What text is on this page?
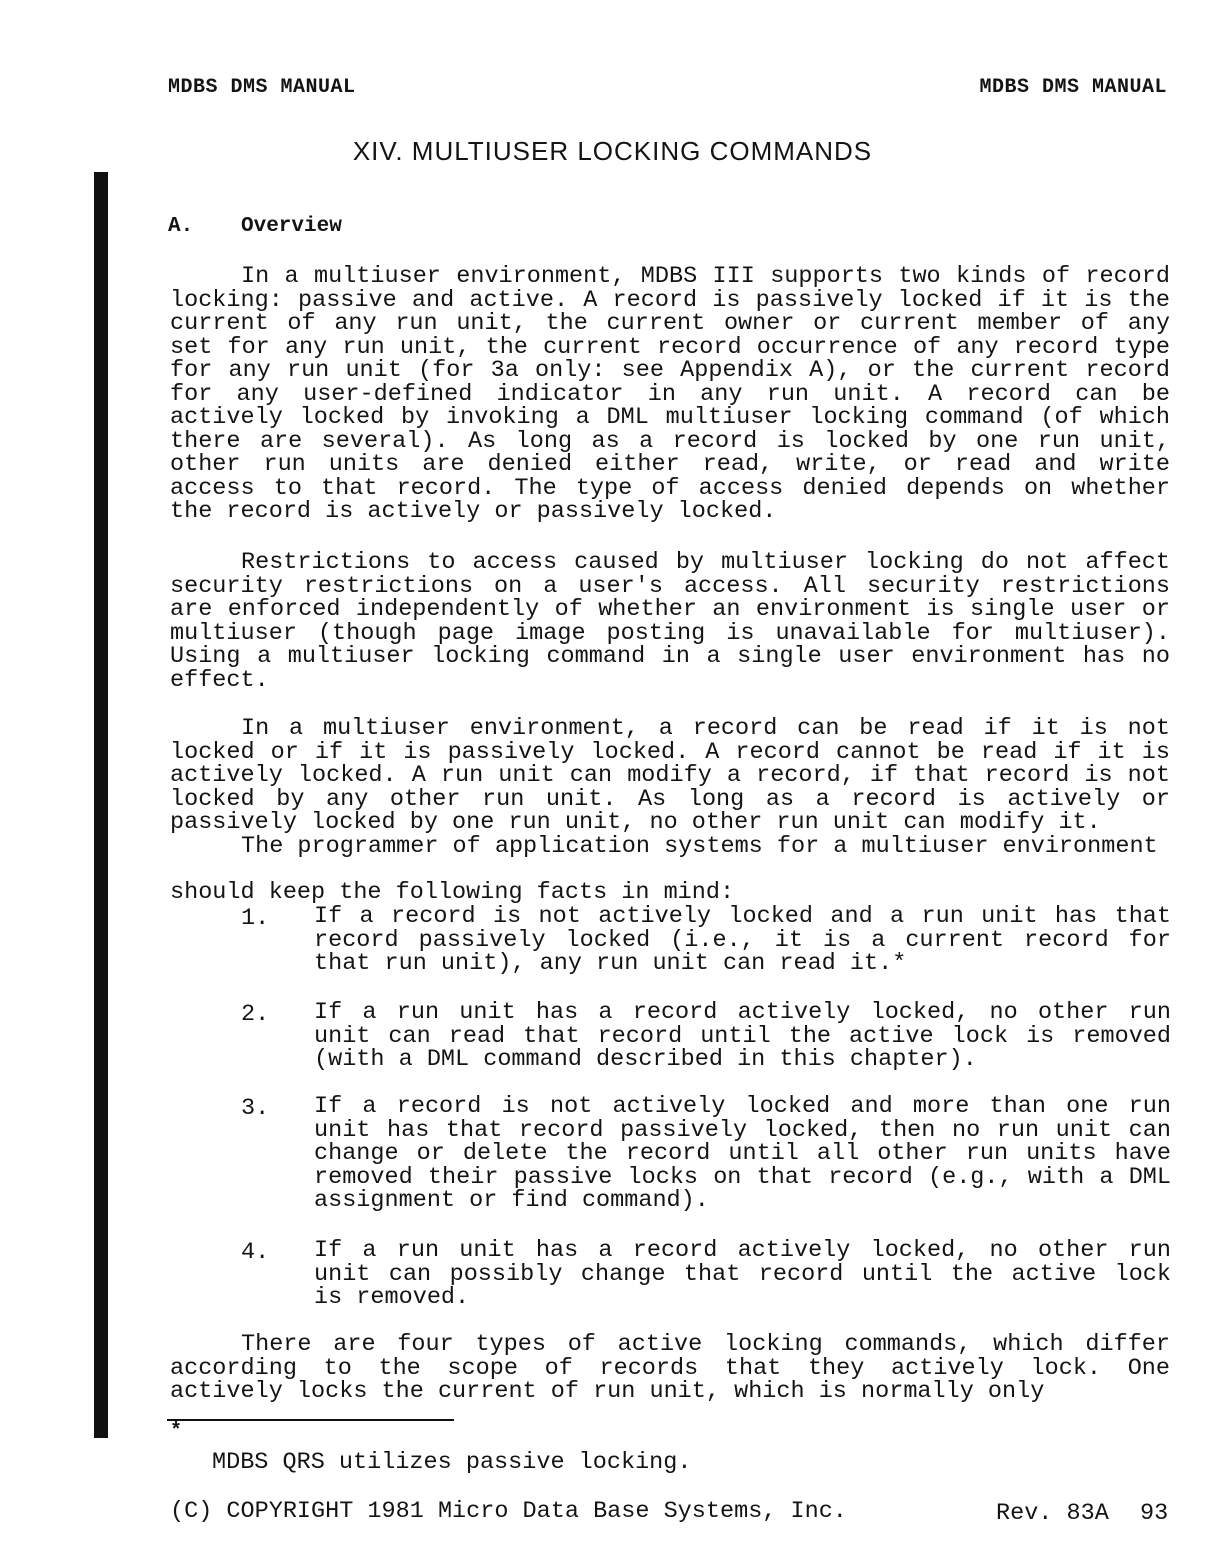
MDBS DMS MANUAL	MDBS DMS MANUAL
XIV. MULTIUSER LOCKING COMMANDS
A. Overview

In a multiuser environment, MDBS III supports two kinds of record locking: passive and active. A record is passively locked if it is the current of any run unit, the current owner or current member of any set for any run unit, the current record occurrence of any record type for any run unit (for 3a only: see Appendix A), or the current record for any user-defined indicator in any run unit. A record can be actively locked by invoking a DML multiuser locking command (of which there are several). As long as a record is locked by one run unit, other run units are denied either read, write, or read and write access to that record. The type of access denied depends on whether the record is actively or passively locked.

Restrictions to access caused by multiuser locking do not affect security restrictions on a user's access. All security restrictions are enforced independently of whether an environment is single user or multiuser (though page image posting is unavailable for multiuser). Using a multiuser locking command in a single user environment has no effect.

In a multiuser environment, a record can be read if it is not locked or if it is passively locked. A record cannot be read if it is actively locked. A run unit can modify a record, if that record is not locked by any other run unit. As long as a record is actively or passively locked by one run unit, no other run unit can modify it.

The programmer of application systems for a multiuser environment

should keep the following facts in mind:

1. If a record is not actively locked and a run unit has that record passively locked (i.e., it is a current record for that run unit), any run unit can read it.*

2. If a run unit has a record actively locked, no other run unit can read that record until the active lock is removed (with a DML command described in this chapter).

3. If a record is not actively locked and more than one run unit has that record passively locked, then no run unit can change or delete the record until all other run units have removed their passive locks on that record (e.g., with a DML assignment or find command).

4. If a run unit has a record actively locked, no other run unit can possibly change that record until the active lock is removed.

There are four types of active locking commands, which differ according to the scope of records that they actively lock. One actively locks the current of run unit, which is normally only

*
MDBS QRS utilizes passive locking.
(C) COPYRIGHT 1981 Micro Data Base Systems, Inc.	Rev. 83A 93
